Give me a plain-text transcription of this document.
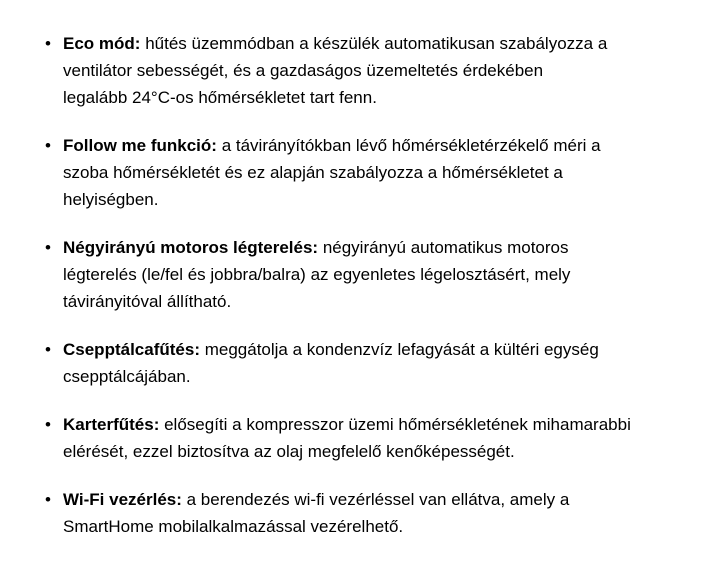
• Eco mód: hűtés üzemmódban a készülék automatikusan szabályozza a
ventilátor sebességét, és a gazdaságos üzemeltetés érdekében
legalább 24°C-os hőmérsékletet tart fenn.
• Follow me funkció: a távirányítókban lévő hőmérsékletérzékelő méri a
szoba hőmérsékletét és ez alapján szabályozza a hőmérsékletet a
helyiségben.
• Négyirányú motoros légterelés: négyirányú automatikus motoros
légterelés (le/fel és jobbra/balra) az egyenletes légelosztásért, mely
távirányitóval állítható.
• Csepptálcafűtés: meggátolja a kondenzvíz lefagyását a kültéri egység
csepptálcájában.
• Karterfűtés: elősegíti a kompresszor üzemi hőmérsékletének mihamarabbi
elérését, ezzel biztosítva az olaj megfelelő kenőképességét.
• Wi-Fi vezérlés: a berendezés wi-fi vezérléssel van ellátva, amely a
SmartHome mobilalkalmazással vezérelhető.
